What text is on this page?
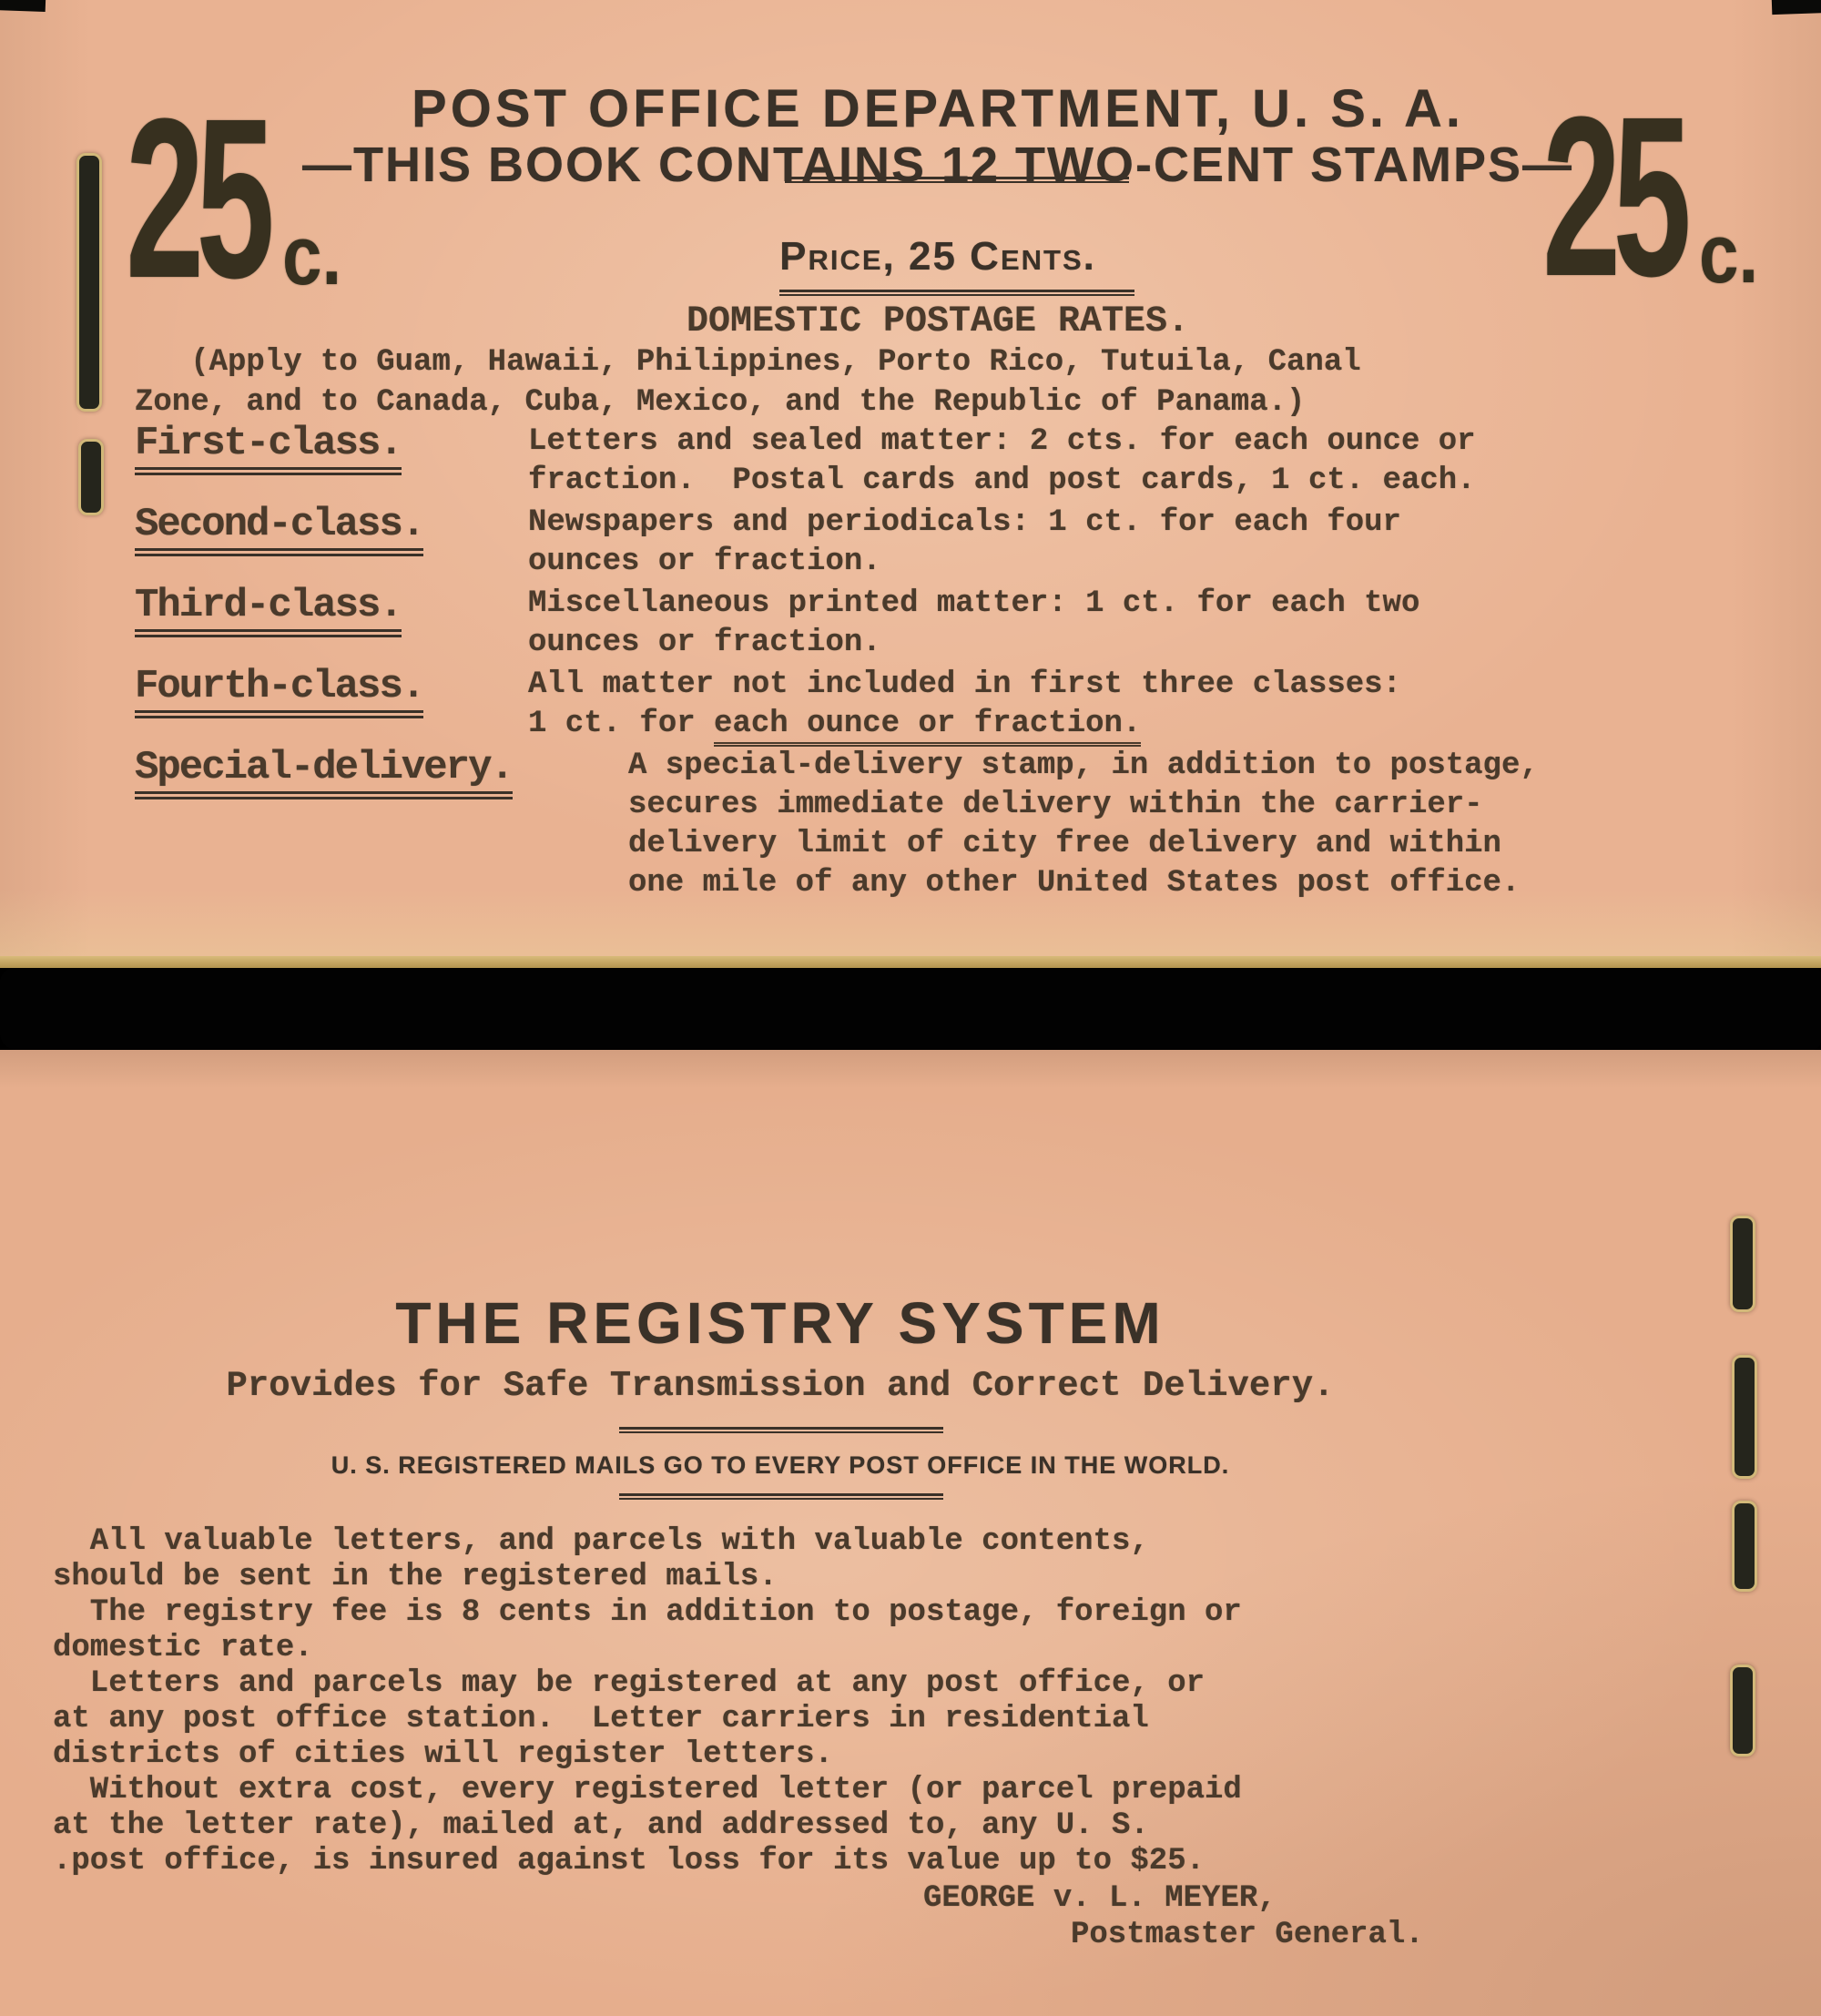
25 c.	25 c.
POST OFFICE DEPARTMENT, U. S. A.
—THIS BOOK CONTAINS 12 TWO-CENT STAMPS—
Price, 25 Cents.
DOMESTIC POSTAGE RATES.
(Apply to Guam, Hawaii, Philippines, Porto Rico, Tutuila, Canal
Zone, and to Canada, Cuba, Mexico, and the Republic of Panama.)
First-class.	Letters and sealed matter: 2 cts. for each ounce or
fraction.  Postal cards and post cards, 1 ct. each.
Second-class.	Newspapers and periodicals: 1 ct. for each four
ounces or fraction.
Third-class.	Miscellaneous printed matter: 1 ct. for each two
ounces or fraction.
Fourth-class.	All matter not included in first three classes:
1 ct. for each ounce or fraction.
Special-delivery.	A special-delivery stamp, in addition to postage,
secures immediate delivery within the carrier-
delivery limit of city free delivery and within
one mile of any other United States post office.
THE REGISTRY SYSTEM
Provides for Safe Transmission and Correct Delivery.
U. S. REGISTERED MAILS GO TO EVERY POST OFFICE IN THE WORLD.
All valuable letters, and parcels with valuable contents,
should be sent in the registered mails.
The registry fee is 8 cents in addition to postage, foreign or
domestic rate.
Letters and parcels may be registered at any post office, or
at any post office station.  Letter carriers in residential
districts of cities will register letters.
Without extra cost, every registered letter (or parcel prepaid
at the letter rate), mailed at, and addressed to, any U. S.
.post office, is insured against loss for its value up to $25.
GEORGE v. L. MEYER,
Postmaster General.
